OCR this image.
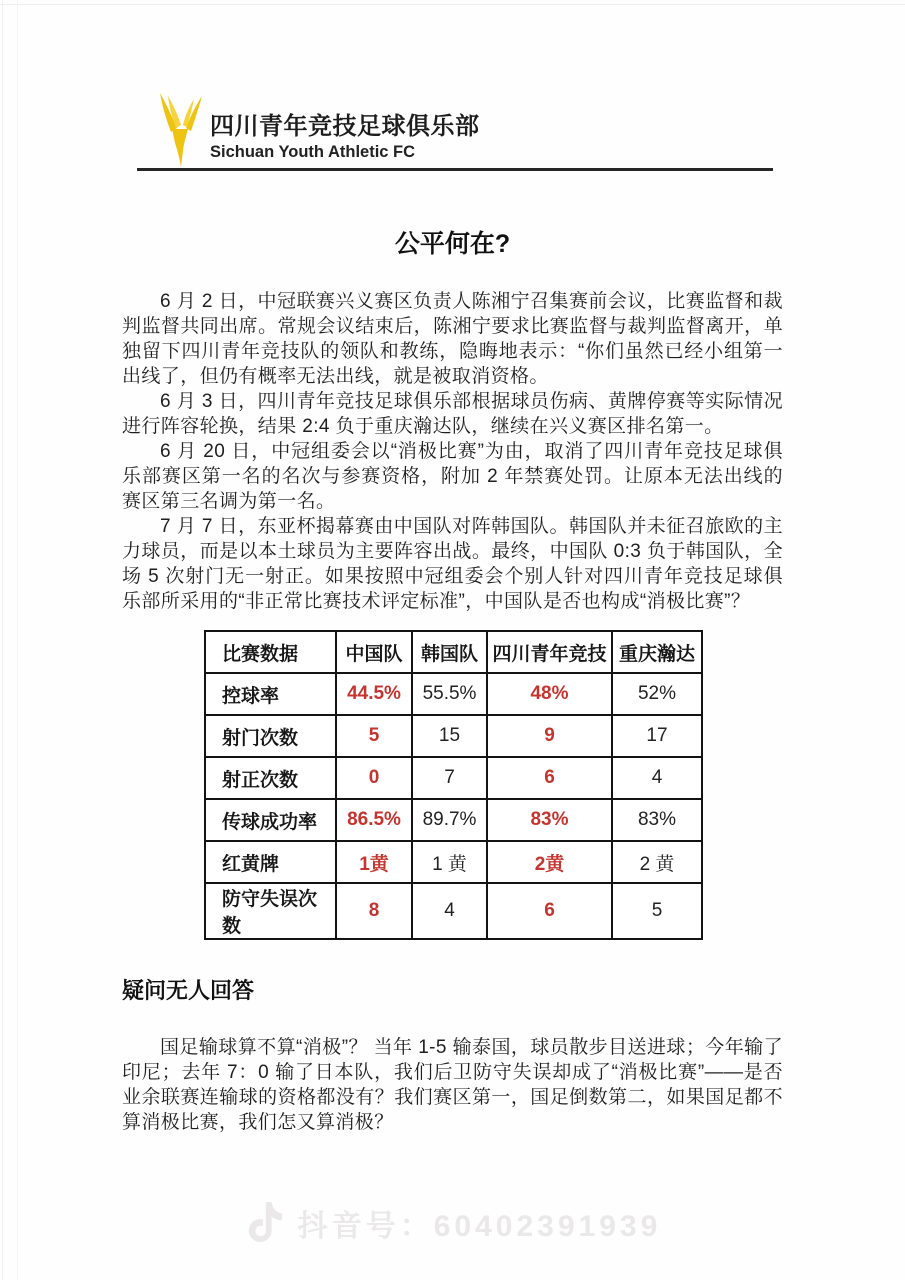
四川青年竞技足球俱乐部
Sichuan Youth Athletic FC
公平何在?

6 月 2 日，中冠联赛兴义赛区负责人陈湘宁召集赛前会议，比赛监督和裁判监督共同出席。常规会议结束后，陈湘宁要求比赛监督与裁判监督离开，单独留下四川青年竞技队的领队和教练，隐晦地表示：“你们虽然已经小组第一出线了，但仍有概率无法出线，就是被取消资格。

6 月 3 日，四川青年竞技足球俱乐部根据球员伤病、黄牌停赛等实际情况进行阵容轮换，结果 2:4 负于重庆瀚达队，继续在兴义赛区排名第一。

6 月 20 日，中冠组委会以“消极比赛”为由，取消了四川青年竞技足球俱乐部赛区第一名的名次与参赛资格，附加 2 年禁赛处罚。让原本无法出线的赛区第三名调为第一名。

7 月 7 日，东亚杯揭幕赛由中国队对阵韩国队。韩国队并未征召旅欧的主力球员，而是以本土球员为主要阵容出战。最终，中国队 0:3 负于韩国队，全场 5 次射门无一射正。如果按照中冠组委会个别人针对四川青年竞技足球俱乐部所采用的“非正常比赛技术评定标准”，中国队是否也构成“消极比赛”？

比赛数据	中国队	韩国队	四川青年竞技	重庆瀚达
控球率	44.5%	55.5%	48%	52%
射门次数	5	15	9	17
射正次数	0	7	6	4
传球成功率	86.5%	89.7%	83%	83%
红黄牌	1黄	1 黄	2黄	2 黄
防守失误次数	8	4	6	5
疑问无人回答

国足输球算不算“消极”？ 当年 1-5 输泰国，球员散步目送进球；今年输了印尼；去年 7：0 输了日本队，我们后卫防守失误却成了“消极比赛”——是否业余联赛连输球的资格都没有？我们赛区第一，国足倒数第二，如果国足都不算消极比赛，我们怎又算消极？

抖音号：60402391939
